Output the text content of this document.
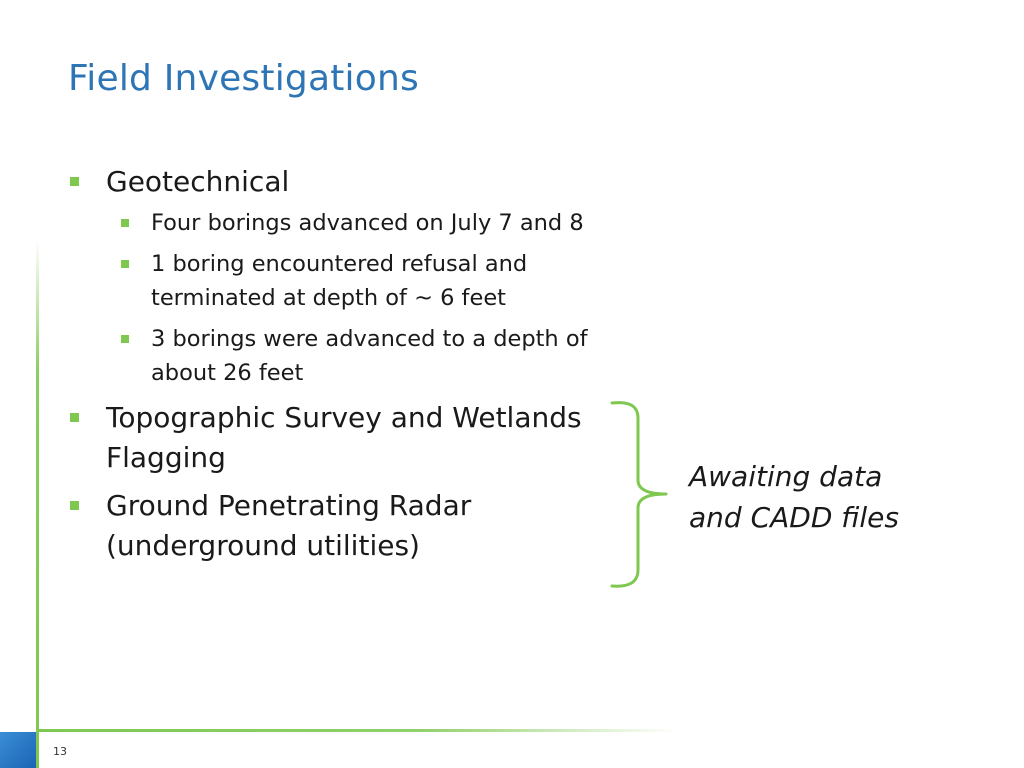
Field Investigations
Geotechnical
Four borings advanced on July 7 and 8
1 boring encountered refusal and terminated at depth of ~ 6 feet
3 borings were advanced to a depth of about 26 feet
Topographic Survey and Wetlands Flagging
Ground Penetrating Radar (underground utilities)
Awaiting data
and CADD files
13
